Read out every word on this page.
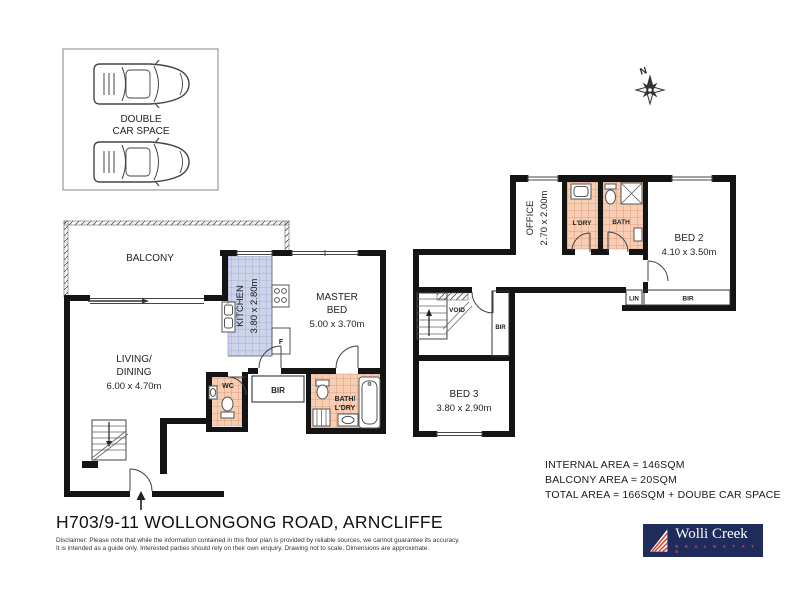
DOUBLE
CAR SPACE
N
BALCONY
LIVING/
DINING
6.00 x 4.70m
KITCHEN 3.80 x 2.80m	MASTER
BED
5.00 x 3.70m
WC	BIR
BATH/
L'DRY
F
OFFICE 2.70 x 2.00m	L'DRY	BATH
BED 2
4.10 x 3.50m
LIN	BIR
VOID
BIR
BED 3
3.80 x 2.90m
INTERNAL AREA = 146SQM
BALCONY AREA = 20SQM
TOTAL AREA = 166SQM + DOUBE CAR SPACE
H703/9-11 WOLLONGONG ROAD, ARNCLIFFE
Disclaimer: Please note that while the information contained in this floor plan is provided by reliable sources, we cannot guarantee its accuracy.
It is intended as a guide only. Interested parties should rely on their own enquiry. Drawing not to scale. Dimensions are approximate.
Wolli Creek
R E A L E S T A T E
